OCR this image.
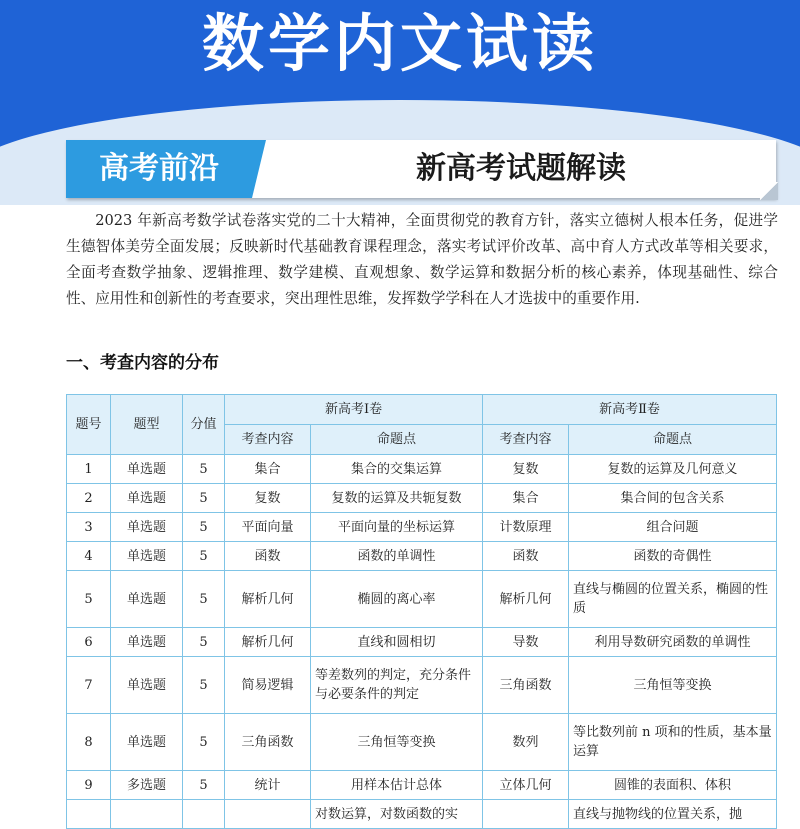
数学内文试读
高考前沿	新高考试题解读

2023 年新高考数学试卷落实党的二十大精神，全面贯彻党的教育方针，落实立德树人根本任务，促进学生德智体美劳全面发展；反映新时代基础教育课程理念，落实考试评价改革、高中育人方式改革等相关要求，全面考查数学抽象、逻辑推理、数学建模、直观想象、数学运算和数据分析的核心素养，体现基础性、综合性、应用性和创新性的考查要求，突出理性思维，发挥数学学科在人才选拔中的重要作用.

一、考查内容的分布
题号	题型	分值	新高考Ⅰ卷		新高考Ⅱ卷	
			考查内容	命题点	考查内容	命题点
1	单选题	5	集合	集合的交集运算	复数	复数的运算及几何意义
2	单选题	5	复数	复数的运算及共轭复数	集合	集合间的包含关系
3	单选题	5	平面向量	平面向量的坐标运算	计数原理	组合问题
4	单选题	5	函数	函数的单调性	函数	函数的奇偶性
5	单选题	5	解析几何	椭圆的离心率	解析几何	直线与椭圆的位置关系，椭圆的性质
6	单选题	5	解析几何	直线和圆相切	导数	利用导数研究函数的单调性
7	单选题	5	简易逻辑	等差数列的判定，充分条件与必要条件的判定	三角函数	三角恒等变换
8	单选题	5	三角函数	三角恒等变换	数列	等比数列前 n 项和的性质，基本量运算
9	多选题	5	统计	用样本估计总体	立体几何	圆锥的表面积、体积
				对数运算，对数函数的实		直线与抛物线的位置关系，抛
